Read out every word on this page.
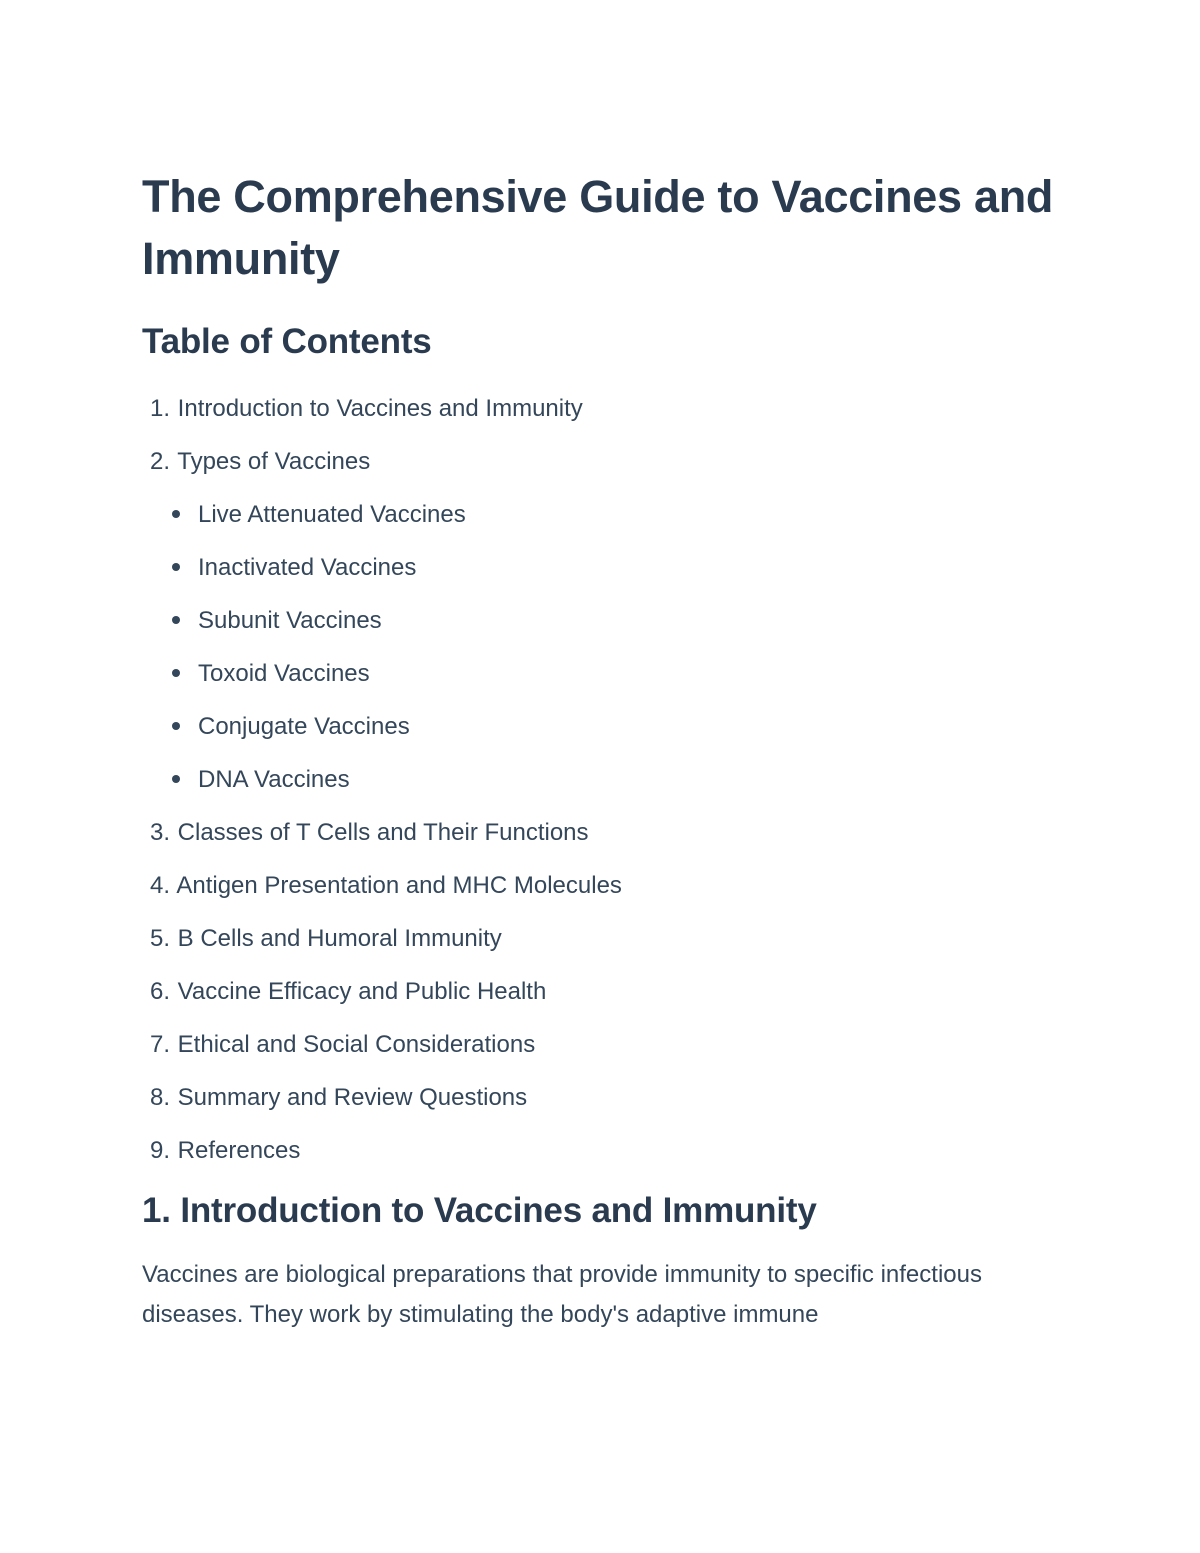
The Comprehensive Guide to Vaccines and Immunity
Table of Contents
1. Introduction to Vaccines and Immunity
2. Types of Vaccines
Live Attenuated Vaccines
Inactivated Vaccines
Subunit Vaccines
Toxoid Vaccines
Conjugate Vaccines
DNA Vaccines
3. Classes of T Cells and Their Functions
4. Antigen Presentation and MHC Molecules
5. B Cells and Humoral Immunity
6. Vaccine Efficacy and Public Health
7. Ethical and Social Considerations
8. Summary and Review Questions
9. References
1. Introduction to Vaccines and Immunity

Vaccines are biological preparations that provide immunity to specific infectious diseases. They work by stimulating the body's adaptive immune
